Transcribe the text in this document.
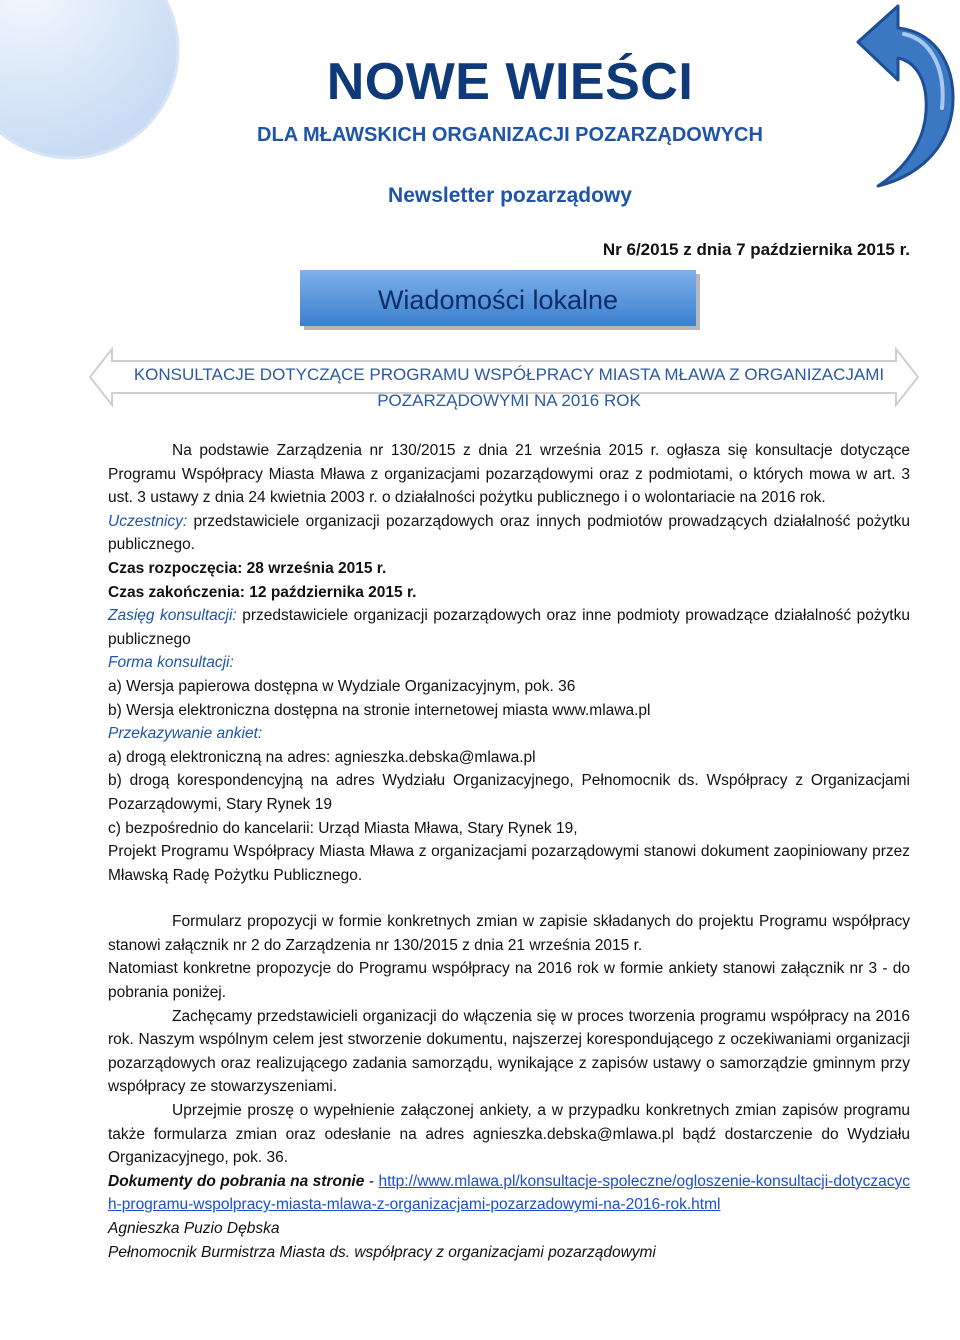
NOWE WIEŚCI
DLA MŁAWSKICH ORGANIZACJI POZARZĄDOWYCH
Newsletter pozarządowy
Nr 6/2015 z dnia 7 października 2015 r.
Wiadomości lokalne
KONSULTACJE DOTYCZĄCE PROGRAMU WSPÓŁPRACY MIASTA MŁAWA Z ORGANIZACJAMI
POZARZĄDOWYMI NA 2016 ROK

Na podstawie Zarządzenia nr 130/2015 z dnia 21 września 2015 r. ogłasza się konsultacje dotyczące Programu Współpracy Miasta Mława z organizacjami pozarządowymi oraz z podmiotami, o których mowa w art. 3 ust. 3 ustawy z dnia 24 kwietnia 2003 r. o działalności pożytku publicznego i o wolontariacie na 2016 rok.

Uczestnicy: przedstawiciele organizacji pozarządowych oraz innych podmiotów prowadzących działalność pożytku publicznego.

Czas rozpoczęcia: 28 września 2015 r.

Czas zakończenia: 12 października 2015 r.

Zasięg konsultacji: przedstawiciele organizacji pozarządowych oraz inne podmioty prowadzące działalność pożytku publicznego

Forma konsultacji:

a) Wersja papierowa dostępna w Wydziale Organizacyjnym, pok. 36

b) Wersja elektroniczna dostępna na stronie internetowej miasta www.mlawa.pl

Przekazywanie ankiet:

a) drogą elektroniczną na adres: agnieszka.debska@mlawa.pl

b) drogą korespondencyjną na adres Wydziału Organizacyjnego, Pełnomocnik ds. Współpracy z Organizacjami Pozarządowymi, Stary Rynek 19

c) bezpośrednio do kancelarii: Urząd Miasta Mława, Stary Rynek 19,

Projekt Programu Współpracy Miasta Mława z organizacjami pozarządowymi stanowi dokument zaopiniowany przez Mławską Radę Pożytku Publicznego.

Formularz propozycji w formie konkretnych zmian w zapisie składanych do projektu Programu współpracy stanowi załącznik nr 2 do Zarządzenia nr 130/2015 z dnia 21 września 2015 r.

Natomiast konkretne propozycje do Programu współpracy na 2016 rok w formie ankiety stanowi załącznik nr 3 - do pobrania poniżej.

Zachęcamy przedstawicieli organizacji do włączenia się w proces tworzenia programu współpracy na 2016 rok. Naszym wspólnym celem jest stworzenie dokumentu, najszerzej korespondującego z oczekiwaniami organizacji pozarządowych oraz realizującego zadania samorządu, wynikające z zapisów ustawy o samorządzie gminnym przy współpracy ze stowarzyszeniami.

Uprzejmie proszę o wypełnienie załączonej ankiety, a w przypadku konkretnych zmian zapisów programu także formularza zmian oraz odesłanie na adres agnieszka.debska@mlawa.pl bądź dostarczenie do Wydziału Organizacyjnego, pok. 36.

Dokumenty do pobrania na stronie - http://www.mlawa.pl/konsultacje-spoleczne/ogloszenie-konsultacji-dotyczacych-programu-wspolpracy-miasta-mlawa-z-organizacjami-pozarzadowymi-na-2016-rok.html

Agnieszka Puzio Dębska

Pełnomocnik Burmistrza Miasta ds. współpracy z organizacjami pozarządowymi
